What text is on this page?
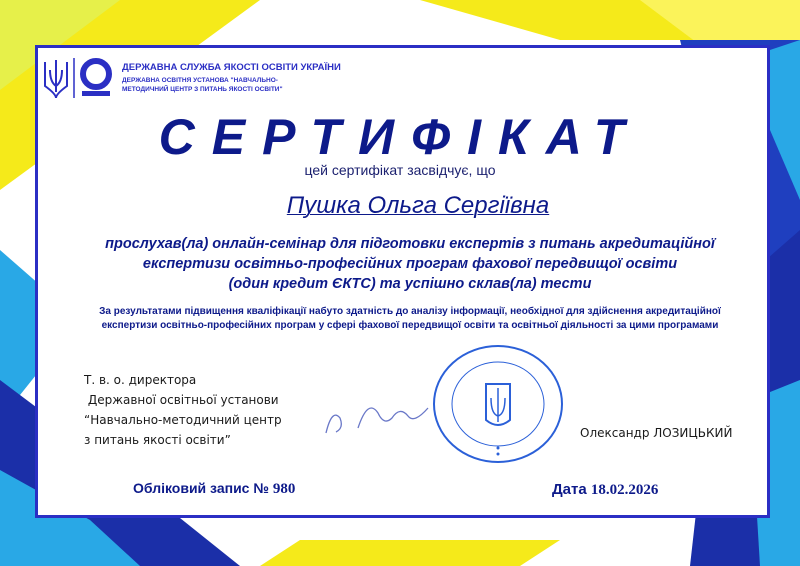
ДЕРЖАВНА СЛУЖБА ЯКОСТІ ОСВІТИ УКРАЇНИ
ДЕРЖАВНА ОСВІТНЯ УСТАНОВА "НАВЧАЛЬНО-МЕТОДИЧНИЙ ЦЕНТР З ПИТАНЬ ЯКОСТІ ОСВІТИ"
СЕРТИФІКАТ
цей сертифікат засвідчує, що
Пушка Ольга Сергіївна
прослухав(ла) онлайн-семінар для підготовки експертів з питань акредитаційної
експертизи освітньо-професійних програм фахової передвищої освіти
(один кредит ЄКТС) та успішно склав(ла) тести
За результатами підвищення кваліфікації набуто здатність до аналізу інформації, необхідної для здійснення акредитаційної
експертизи освітньо-професійних програм у сфері фахової передвищої освіти та освітньої діяльності за цими програмами
Т. в. о. директора
Державної освітньої установи
“Навчально-методичний центр
з питань якості освіти”	Олександр ЛОЗИЦЬКИЙ
Обліковий запис № 980	Дата 18.02.2026
